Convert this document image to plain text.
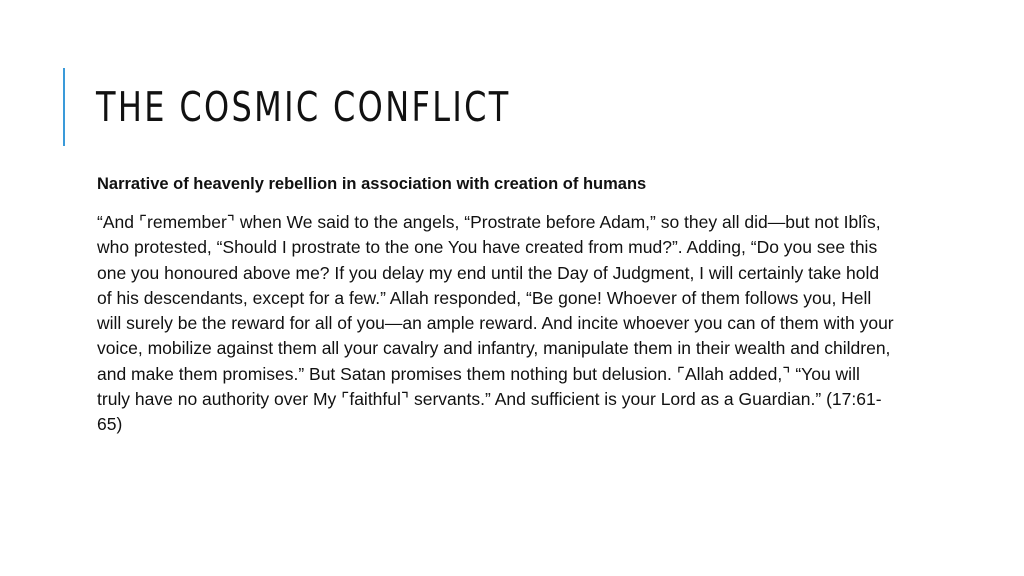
THE COSMIC CONFLICT

Narrative of heavenly rebellion in association with creation of humans

“And ⌜remember⌝ when We said to the angels, “Prostrate before Adam,” so they all did—but not Iblîs, who protested, “Should I prostrate to the one You have created from mud?”. Adding, “Do you see this one you honoured above me? If you delay my end until the Day of Judgment, I will certainly take hold of his descendants, except for a few.” Allah responded, “Be gone! Whoever of them follows you, Hell will surely be the reward for all of you—an ample reward. And incite whoever you can of them with your voice, mobilize against them all your cavalry and infantry, manipulate them in their wealth and children, and make them promises.” But Satan promises them nothing but delusion. ⌜Allah added,⌝ “You will truly have no authority over My ⌜faithful⌝ servants.” And sufficient is your Lord as a Guardian.” (17:61-65)
